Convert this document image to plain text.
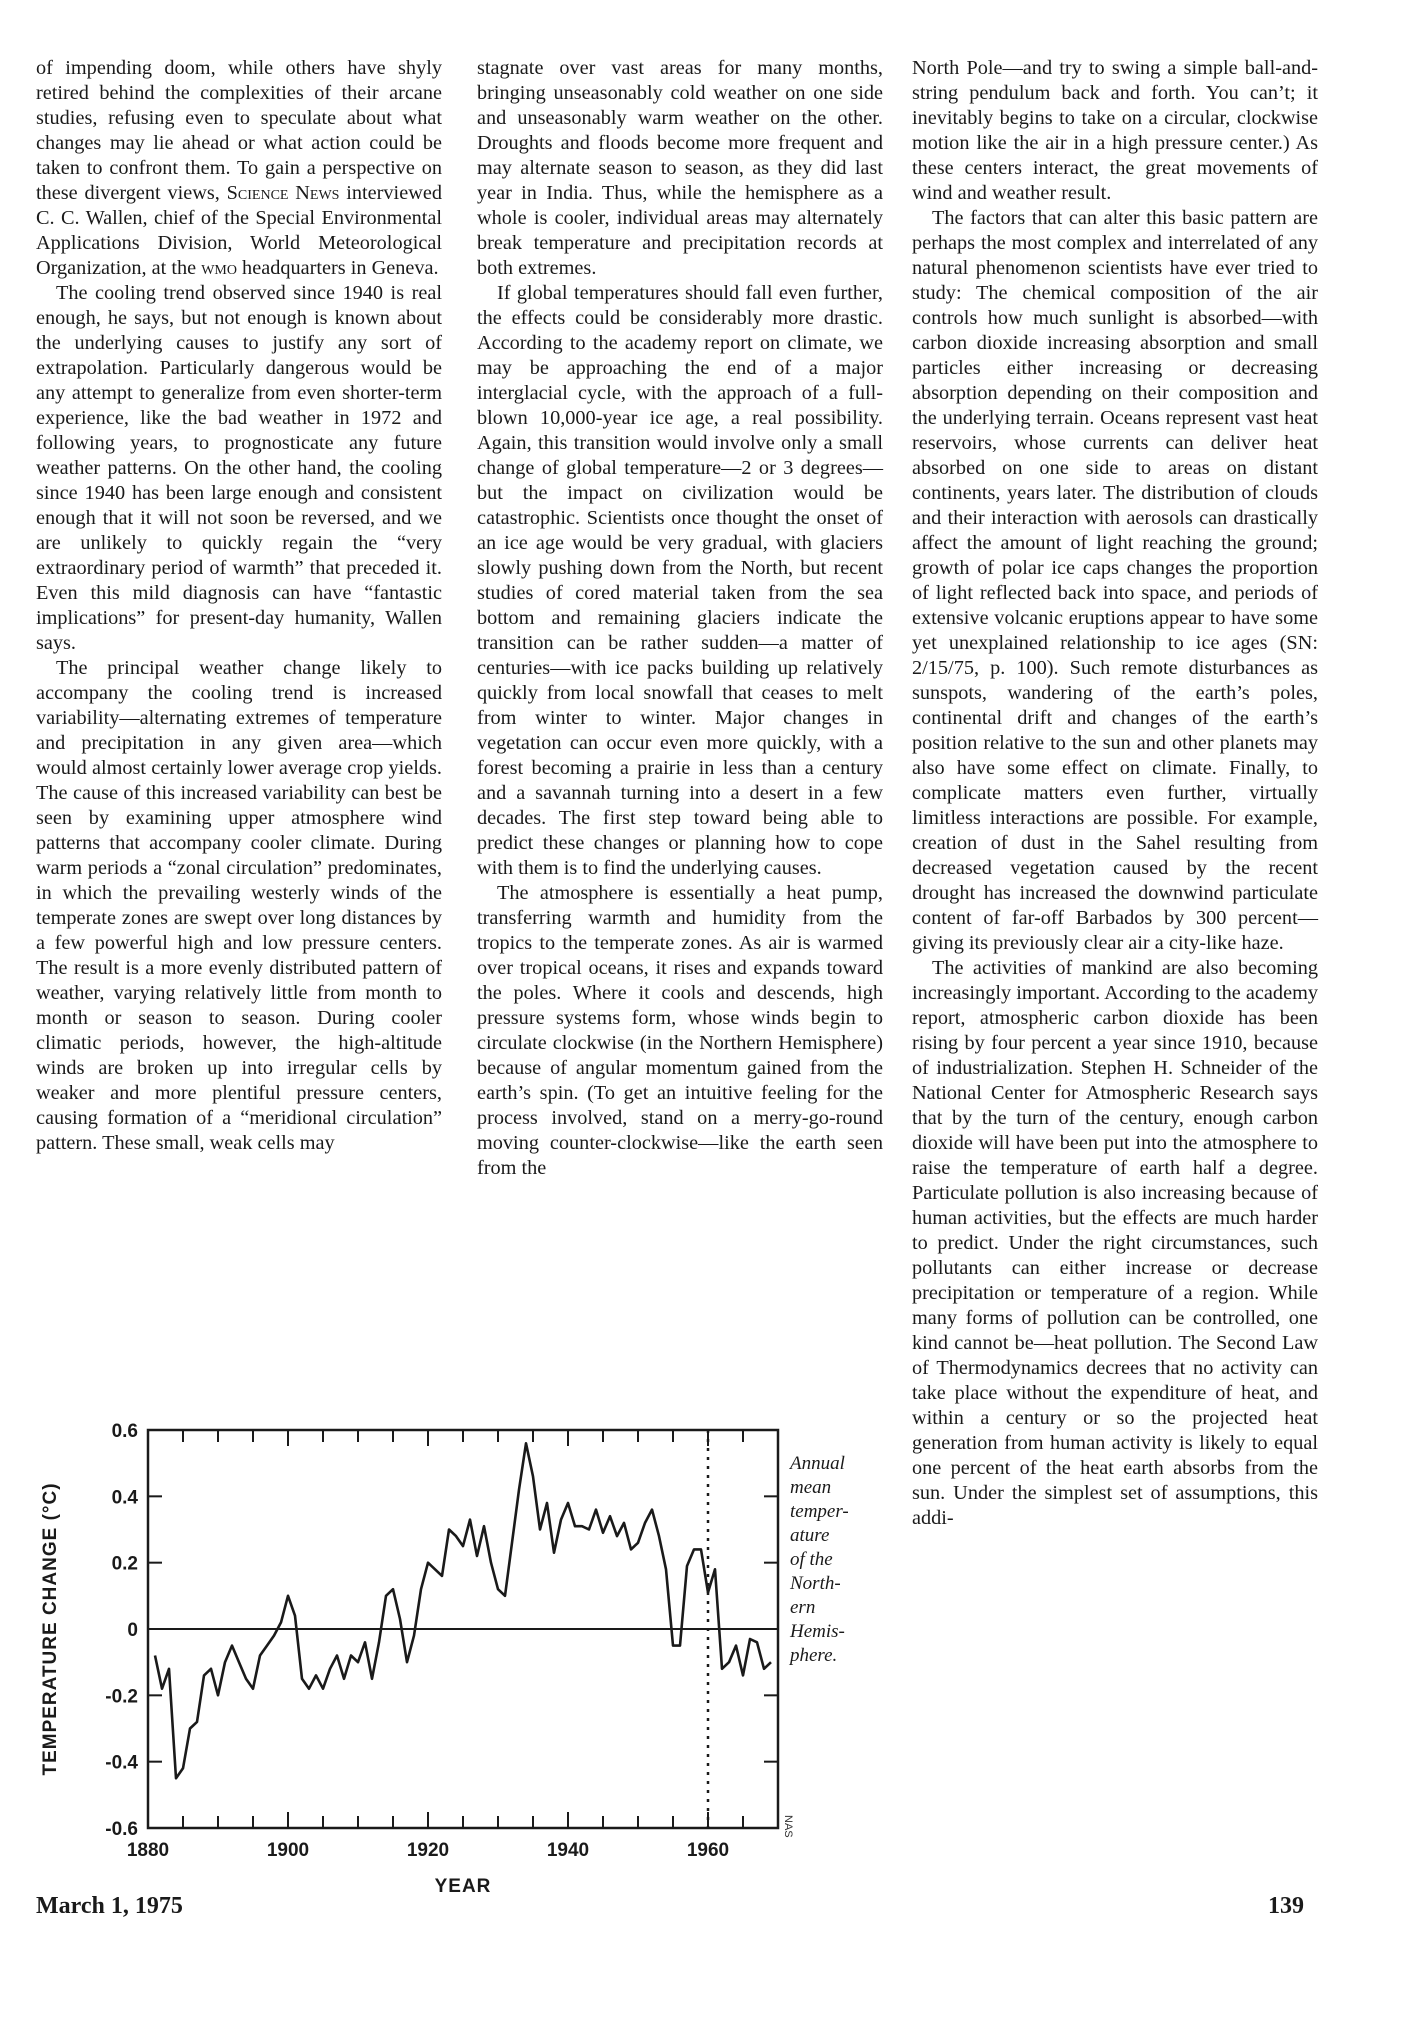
of impending doom, while others have shyly retired behind the complexities of their arcane studies, refusing even to speculate about what changes may lie ahead or what action could be taken to confront them. To gain a perspective on these divergent views, Science News interviewed C. C. Wallen, chief of the Special Environmental Applications Division, World Meteorological Organization, at the wmo headquarters in Geneva.

The cooling trend observed since 1940 is real enough, he says, but not enough is known about the underlying causes to justify any sort of extrapolation. Particularly dangerous would be any attempt to generalize from even shorter-term experience, like the bad weather in 1972 and following years, to prognosticate any future weather patterns. On the other hand, the cooling since 1940 has been large enough and consistent enough that it will not soon be reversed, and we are unlikely to quickly regain the “very extraordinary period of warmth” that preceded it. Even this mild diagnosis can have “fantastic implications” for present-day humanity, Wallen says.

The principal weather change likely to accompany the cooling trend is increased variability—alternating extremes of temperature and precipitation in any given area—which would almost certainly lower average crop yields. The cause of this increased variability can best be seen by examining upper atmosphere wind patterns that accompany cooler climate. During warm periods a “zonal circulation” predominates, in which the prevailing westerly winds of the temperate zones are swept over long distances by a few powerful high and low pressure centers. The result is a more evenly distributed pattern of weather, varying relatively little from month to month or season to season. During cooler climatic periods, however, the high-altitude winds are broken up into irregular cells by weaker and more plentiful pressure centers, causing formation of a “meridional circulation” pattern. These small, weak cells may

stagnate over vast areas for many months, bringing unseasonably cold weather on one side and unseasonably warm weather on the other. Droughts and floods become more frequent and may alternate season to season, as they did last year in India. Thus, while the hemisphere as a whole is cooler, individual areas may alternately break temperature and precipitation records at both extremes.

If global temperatures should fall even further, the effects could be considerably more drastic. According to the academy report on climate, we may be approaching the end of a major interglacial cycle, with the approach of a full-blown 10,000-year ice age, a real possibility. Again, this transition would involve only a small change of global temperature—2 or 3 degrees—but the impact on civilization would be catastrophic. Scientists once thought the onset of an ice age would be very gradual, with glaciers slowly pushing down from the North, but recent studies of cored material taken from the sea bottom and remaining glaciers indicate the transition can be rather sudden—a matter of centuries—with ice packs building up relatively quickly from local snowfall that ceases to melt from winter to winter. Major changes in vegetation can occur even more quickly, with a forest becoming a prairie in less than a century and a savannah turning into a desert in a few decades. The first step toward being able to predict these changes or planning how to cope with them is to find the underlying causes.

The atmosphere is essentially a heat pump, transferring warmth and humidity from the tropics to the temperate zones. As air is warmed over tropical oceans, it rises and expands toward the poles. Where it cools and descends, high pressure systems form, whose winds begin to circulate clockwise (in the Northern Hemisphere) because of angular momentum gained from the earth’s spin. (To get an intuitive feeling for the process involved, stand on a merry-go-round moving counter-clockwise—like the earth seen from the

North Pole—and try to swing a simple ball-and-string pendulum back and forth. You can’t; it inevitably begins to take on a circular, clockwise motion like the air in a high pressure center.) As these centers interact, the great movements of wind and weather result.

The factors that can alter this basic pattern are perhaps the most complex and interrelated of any natural phenomenon scientists have ever tried to study: The chemical composition of the air controls how much sunlight is absorbed—with carbon dioxide increasing absorption and small particles either increasing or decreasing absorption depending on their composition and the underlying terrain. Oceans represent vast heat reservoirs, whose currents can deliver heat absorbed on one side to areas on distant continents, years later. The distribution of clouds and their interaction with aerosols can drastically affect the amount of light reaching the ground; growth of polar ice caps changes the proportion of light reflected back into space, and periods of extensive volcanic eruptions appear to have some yet unexplained relationship to ice ages (SN: 2/15/75, p. 100). Such remote disturbances as sunspots, wandering of the earth’s poles, continental drift and changes of the earth’s position relative to the sun and other planets may also have some effect on climate. Finally, to complicate matters even further, virtually limitless interactions are possible. For example, creation of dust in the Sahel resulting from decreased vegetation caused by the recent drought has increased the downwind particulate content of far-off Barbados by 300 percent—giving its previously clear air a city-like haze.

The activities of mankind are also becoming increasingly important. According to the academy report, atmospheric carbon dioxide has been rising by four percent a year since 1910, because of industrialization. Stephen H. Schneider of the National Center for Atmospheric Research says that by the turn of the century, enough carbon dioxide will have been put into the atmosphere to raise the temperature of earth half a degree. Particulate pollution is also increasing because of human activities, but the effects are much harder to predict. Under the right circumstances, such pollutants can either increase or decrease precipitation or temperature of a region. While many forms of pollution can be controlled, one kind cannot be—heat pollution. The Second Law of Thermodynamics decrees that no activity can take place without the expenditure of heat, and within a century or so the projected heat generation from human activity is likely to equal one percent of the heat earth absorbs from the sun. Under the simplest set of assumptions, this addi-

0.6
0.4
0.2
0
-0.2
-0.4
-0.6
1880	1900	1920	1940	1960
YEAR
TEMPERATURE CHANGE (°C)
Annual
mean
temper-
ature
of the
North-
ern
Hemis-
phere.
NAS
March 1, 1975	139
